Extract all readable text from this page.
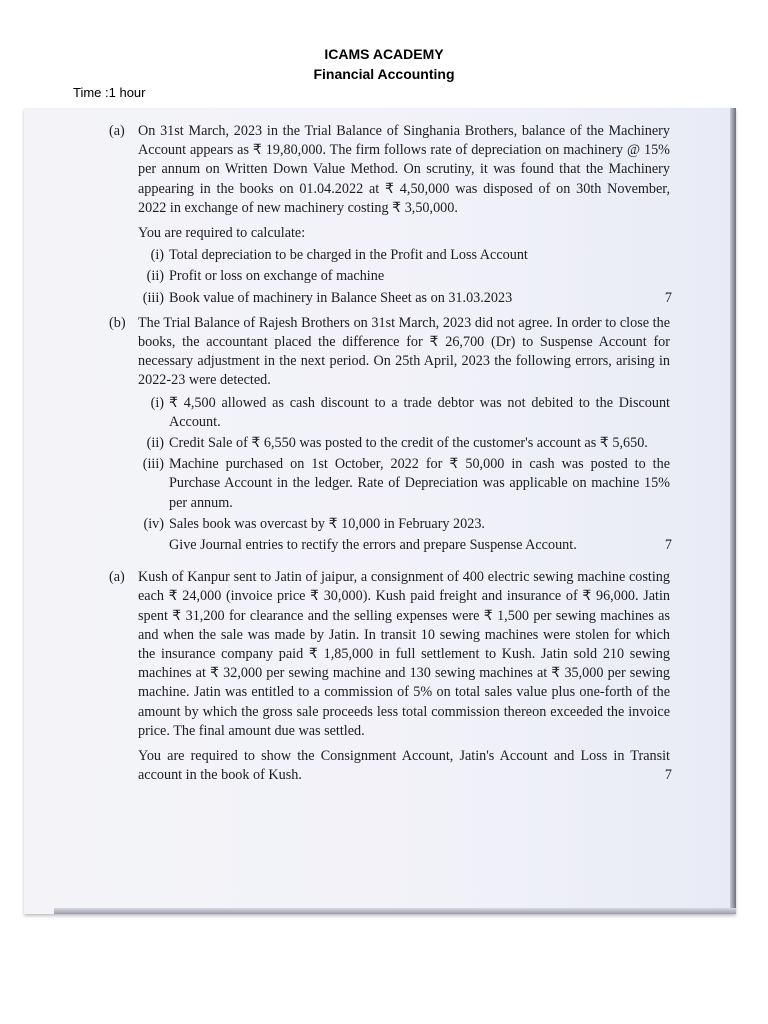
ICAMS ACADEMY
Financial Accounting
Time :1 hour
(a) On 31st March, 2023 in the Trial Balance of Singhania Brothers, balance of the Machinery Account appears as ₹ 19,80,000. The firm follows rate of depreciation on machinery @ 15% per annum on Written Down Value Method. On scrutiny, it was found that the Machinery appearing in the books on 01.04.2022 at ₹ 4,50,000 was disposed of on 30th November, 2022 in exchange of new machinery costing ₹ 3,50,000.

You are required to calculate:

(i) Total depreciation to be charged in the Profit and Loss Account
(ii) Profit or loss on exchange of machine
(iii) Book value of machinery in Balance Sheet as on 31.03.2023	7
(b) The Trial Balance of Rajesh Brothers on 31st March, 2023 did not agree. In order to close the books, the accountant placed the difference for ₹ 26,700 (Dr) to Suspense Account for necessary adjustment in the next period. On 25th April, 2023 the following errors, arising in 2022-23 were detected.

(i) ₹ 4,500 allowed as cash discount to a trade debtor was not debited to the Discount Account.
(ii) Credit Sale of ₹ 6,550 was posted to the credit of the customer's account as ₹ 5,650.
(iii) Machine purchased on 1st October, 2022 for ₹ 50,000 in cash was posted to the Purchase Account in the ledger. Rate of Depreciation was applicable on machine 15% per annum.
(iv) Sales book was overcast by ₹ 10,000 in February 2023.
Give Journal entries to rectify the errors and prepare Suspense Account.	7
(a) Kush of Kanpur sent to Jatin of jaipur, a consignment of 400 electric sewing machine costing each ₹ 24,000 (invoice price ₹ 30,000). Kush paid freight and insurance of ₹ 96,000. Jatin spent ₹ 31,200 for clearance and the selling expenses were ₹ 1,500 per sewing machines as and when the sale was made by Jatin. In transit 10 sewing machines were stolen for which the insurance company paid ₹ 1,85,000 in full settlement to Kush. Jatin sold 210 sewing machines at ₹ 32,000 per sewing machine and 130 sewing machines at ₹ 35,000 per sewing machine. Jatin was entitled to a commission of 5% on total sales value plus one-forth of the amount by which the gross sale proceeds less total commission thereon exceeded the invoice price. The final amount due was settled.

You are required to show the Consignment Account, Jatin's Account and Loss in Transit account in the book of Kush.	7
